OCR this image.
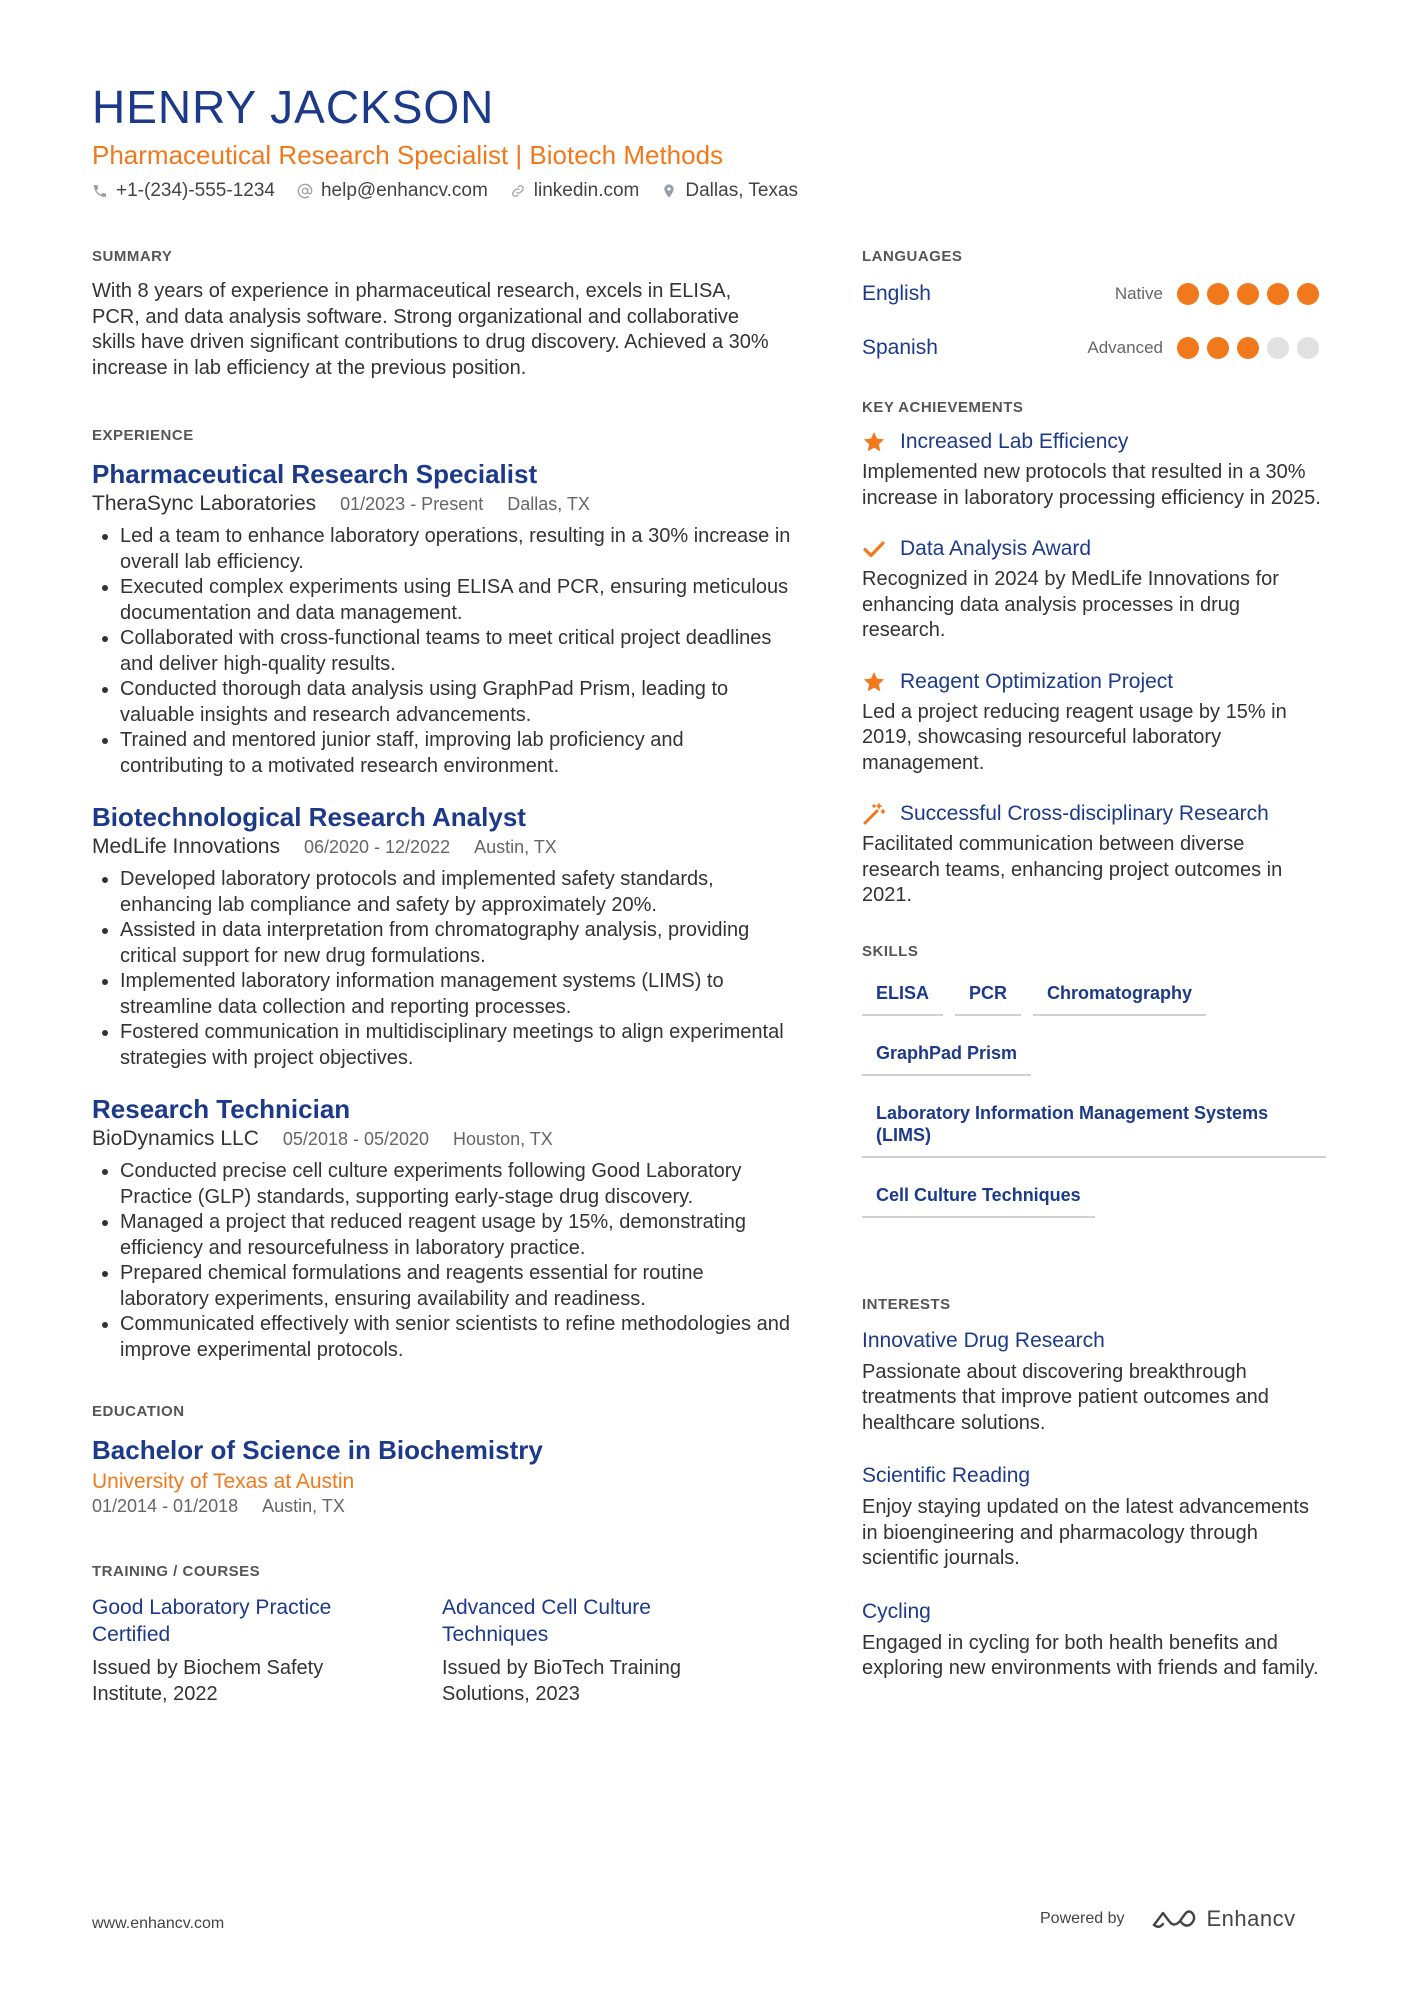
HENRY JACKSON
Pharmaceutical Research Specialist | Biotech Methods
+1-(234)-555-1234 help@enhancv.com linkedin.com Dallas, Texas
SUMMARY

With 8 years of experience in pharmaceutical research, excels in ELISA, PCR, and data analysis software. Strong organizational and collaborative skills have driven significant contributions to drug discovery. Achieved a 30% increase in lab efficiency at the previous position.

EXPERIENCE
Pharmaceutical Research Specialist
TheraSync Laboratories 01/2023 - Present Dallas, TX
• Led a team to enhance laboratory operations, resulting in a 30% increase in overall lab efficiency.
• Executed complex experiments using ELISA and PCR, ensuring meticulous documentation and data management.
• Collaborated with cross-functional teams to meet critical project deadlines and deliver high-quality results.
• Conducted thorough data analysis using GraphPad Prism, leading to valuable insights and research advancements.
• Trained and mentored junior staff, improving lab proficiency and contributing to a motivated research environment.
Biotechnological Research Analyst
MedLife Innovations 06/2020 - 12/2022 Austin, TX
• Developed laboratory protocols and implemented safety standards, enhancing lab compliance and safety by approximately 20%.
• Assisted in data interpretation from chromatography analysis, providing critical support for new drug formulations.
• Implemented laboratory information management systems (LIMS) to streamline data collection and reporting processes.
• Fostered communication in multidisciplinary meetings to align experimental strategies with project objectives.
Research Technician
BioDynamics LLC 05/2018 - 05/2020 Houston, TX
• Conducted precise cell culture experiments following Good Laboratory Practice (GLP) standards, supporting early-stage drug discovery.
• Managed a project that reduced reagent usage by 15%, demonstrating efficiency and resourcefulness in laboratory practice.
• Prepared chemical formulations and reagents essential for routine laboratory experiments, ensuring availability and readiness.
• Communicated effectively with senior scientists to refine methodologies and improve experimental protocols.
EDUCATION
Bachelor of Science in Biochemistry
University of Texas at Austin
01/2014 - 01/2018 Austin, TX
TRAINING / COURSES
Good Laboratory Practice Certified
Issued by Biochem Safety Institute, 2022
Advanced Cell Culture Techniques
Issued by BioTech Training Solutions, 2023
LANGUAGES
English	Native
Spanish	Advanced
KEY ACHIEVEMENTS
Increased Lab Efficiency
Implemented new protocols that resulted in a 30% increase in laboratory processing efficiency in 2025.
Data Analysis Award
Recognized in 2024 by MedLife Innovations for enhancing data analysis processes in drug research.
Reagent Optimization Project
Led a project reducing reagent usage by 15% in 2019, showcasing resourceful laboratory management.
Successful Cross-disciplinary Research
Facilitated communication between diverse research teams, enhancing project outcomes in 2021.
SKILLS
ELISA	PCR	Chromatography
GraphPad Prism
Laboratory Information Management Systems (LIMS)
Cell Culture Techniques
INTERESTS
Innovative Drug Research
Passionate about discovering breakthrough treatments that improve patient outcomes and healthcare solutions.
Scientific Reading
Enjoy staying updated on the latest advancements in bioengineering and pharmacology through scientific journals.
Cycling
Engaged in cycling for both health benefits and exploring new environments with friends and family.
www.enhancv.com	Powered by	Enhancv
